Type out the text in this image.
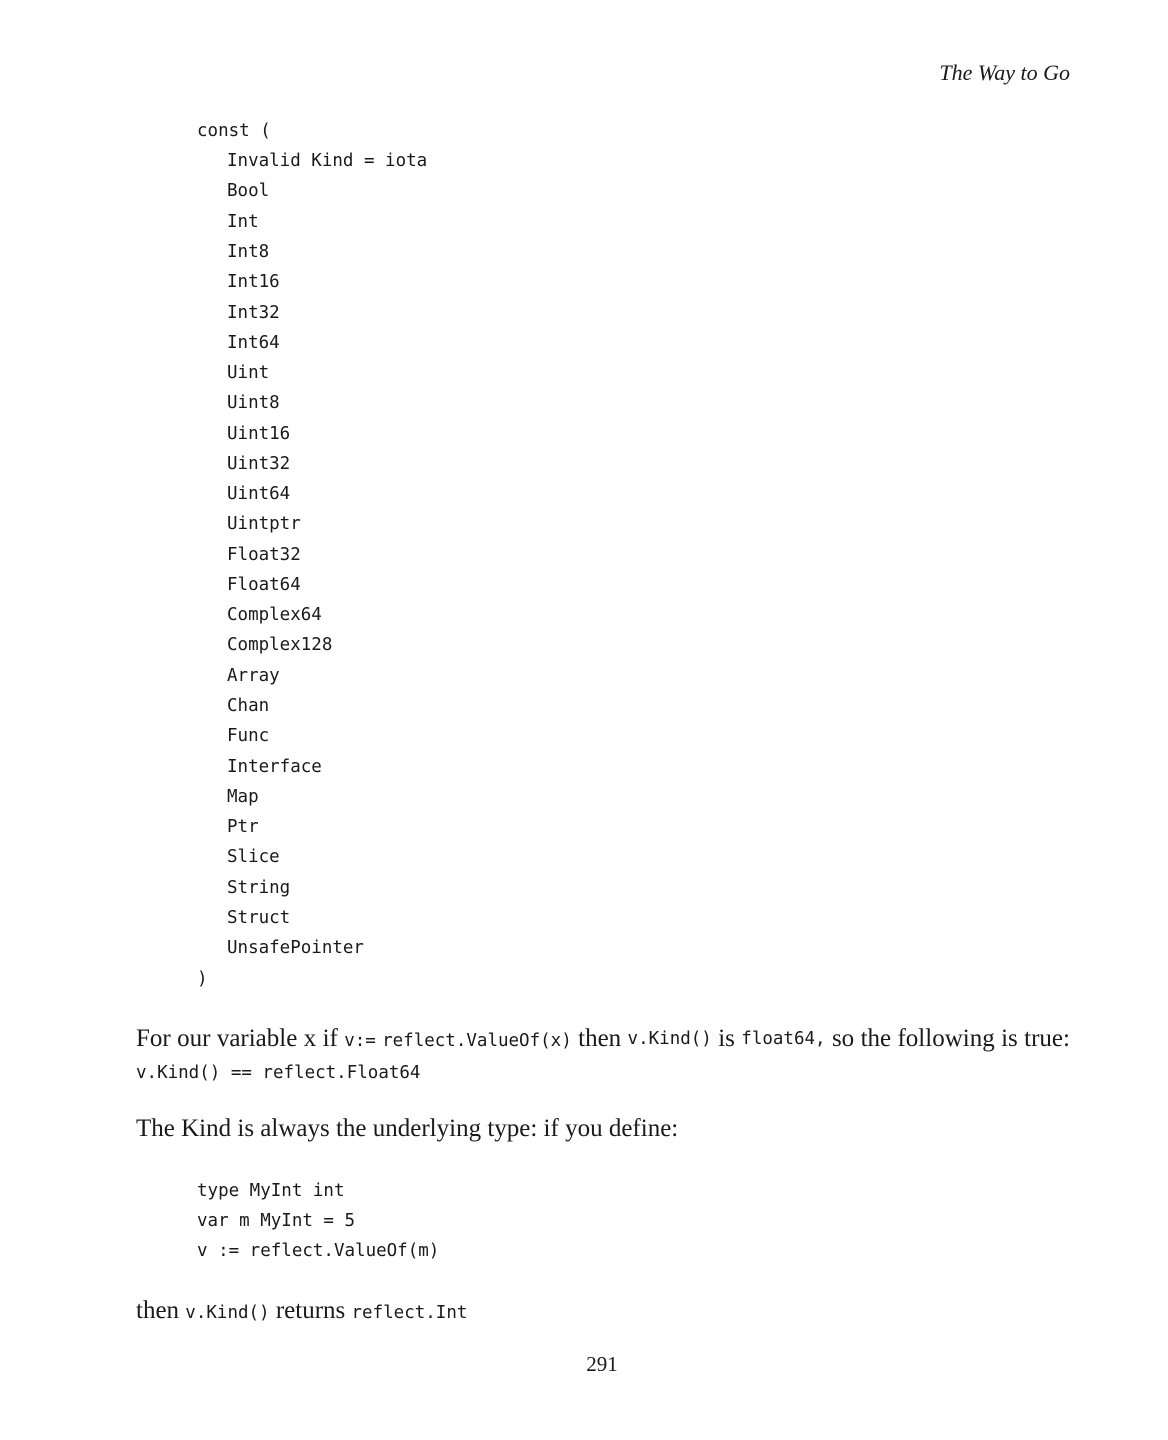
The Way to Go
const (
Invalid Kind = iota
Bool
Int
Int8
Int16
Int32
Int64
Uint
Uint8
Uint16
Uint32
Uint64
Uintptr
Float32
Float64
Complex64
Complex128
Array
Chan
Func
Interface
Map
Ptr
Slice
String
Struct
UnsafePointer
)
For our variable x if v:= reflect.ValueOf(x) then v.Kind() is float64, so the following is true:
v.Kind() == reflect.Float64
The Kind is always the underlying type: if you define:
type MyInt int
var m MyInt = 5
v := reflect.ValueOf(m)
then v.Kind() returns reflect.Int
291
